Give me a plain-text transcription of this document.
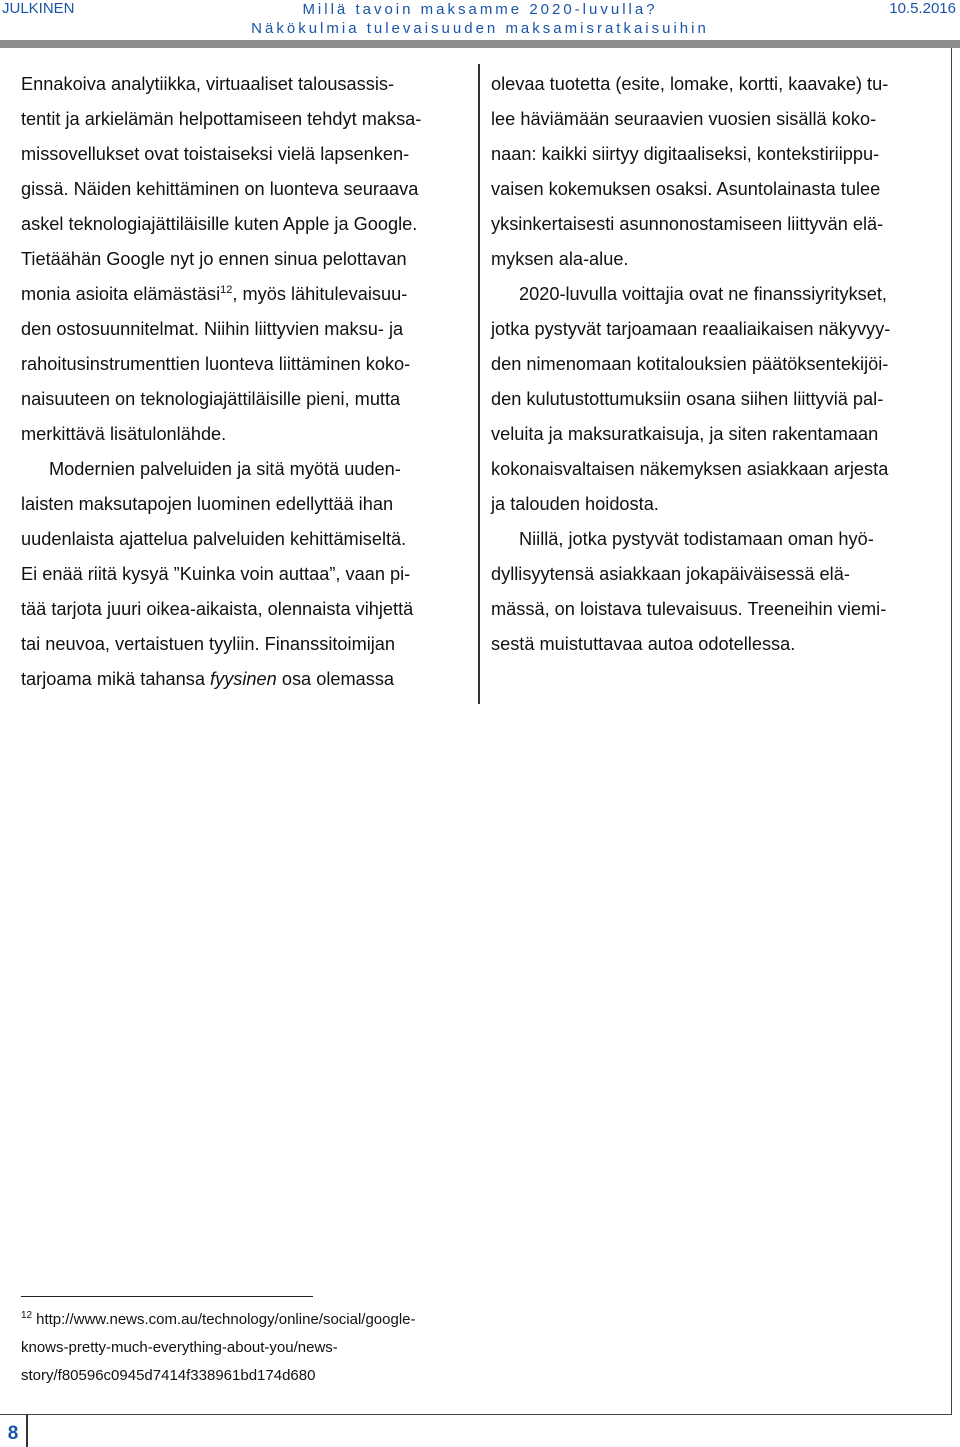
JULKINEN	Millä tavoin maksamme 2020-luvulla?
Näkökulmia tulevaisuuden maksamisratkaisuihin
10.5.2016

Ennakoiva analytiikka, virtuaaliset talousassis-
tentit ja arkielämän helpottamiseen tehdyt maksa-
missovellukset ovat toistaiseksi vielä lapsenken-
gissä. Näiden kehittäminen on luonteva seuraava
askel teknologiajättiläisille kuten Apple ja Google.
Tietäähän Google nyt jo ennen sinua pelottavan
monia asioita elämästäsi$^{12}$, myös lähitulevaisuu-
den ostosuunnitelmat. Niihin liittyvien maksu- ja
rahoitusinstrumenttien luonteva liittäminen koko-
naisuuteen on teknologiajättiläisille pieni, mutta
merkittävä lisätulonlähde.

Modernien palveluiden ja sitä myötä uuden-
laisten maksutapojen luominen edellyttää ihan
uudenlaista ajattelua palveluiden kehittämiseltä.
Ei enää riitä kysyä ”Kuinka voin auttaa”, vaan pi-
tää tarjota juuri oikea-aikaista, olennaista vihjettä
tai neuvoa, vertaistuen tyyliin. Finanssitoimijan
tarjoama mikä tahansa fyysinen osa olemassa

olevaa tuotetta (esite, lomake, kortti, kaavake) tu-
lee häviämään seuraavien vuosien sisällä koko-
naan: kaikki siirtyy digitaaliseksi, kontekstiriippu-
vaisen kokemuksen osaksi. Asuntolainasta tulee
yksinkertaisesti asunnonostamiseen liittyvän elä-
myksen ala-alue.

2020-luvulla voittajia ovat ne finanssiyritykset,
jotka pystyvät tarjoamaan reaaliaikaisen näkyvyy-
den nimenomaan kotitalouksien päätöksentekijöi-
den kulutustottumuksiin osana siihen liittyviä pal-
veluita ja maksuratkaisuja, ja siten rakentamaan
kokonaisvaltaisen näkemyksen asiakkaan arjesta
ja talouden hoidosta.

Niillä, jotka pystyvät todistamaan oman hyö-
dyllisyytensä asiakkaan jokapäiväisessä elä-
mässä, on loistava tulevaisuus. Treeneihin viemi-
sestä muistuttavaa autoa odotellessa.

$^{12}$ http://www.news.com.au/technology/online/social/google-
knows-pretty-much-everything-about-you/news-
story/f80596c0945d7414f338961bd174d680

8
